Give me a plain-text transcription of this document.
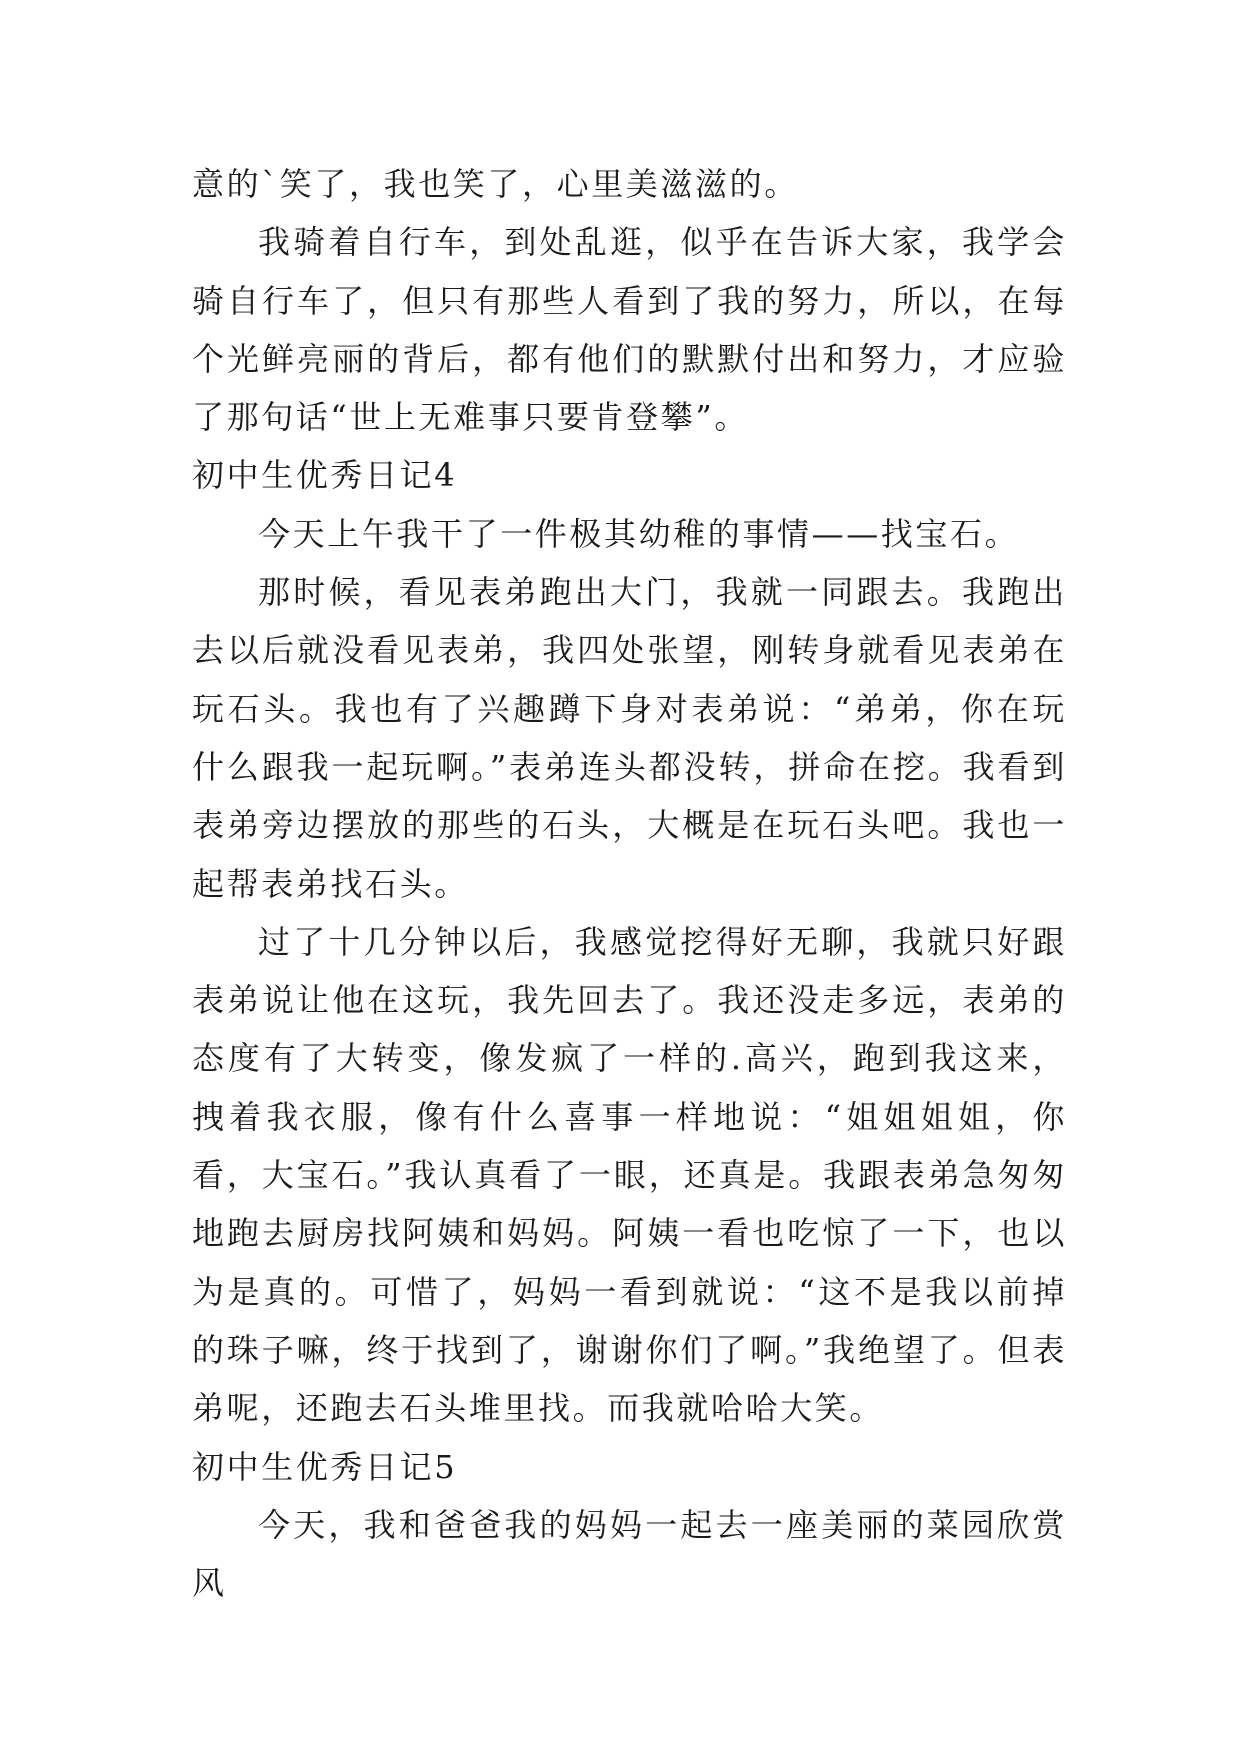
意的`笑了，我也笑了，心里美滋滋的。

我骑着自行车，到处乱逛，似乎在告诉大家，我学会骑自行车了，但只有那些人看到了我的努力，所以，在每个光鲜亮丽的背后，都有他们的默默付出和努力，才应验了那句话“世上无难事只要肯登攀”。

初中生优秀日记4

今天上午我干了一件极其幼稚的事情——找宝石。

那时候，看见表弟跑出大门，我就一同跟去。我跑出去以后就没看见表弟，我四处张望，刚转身就看见表弟在玩石头。我也有了兴趣蹲下身对表弟说：“弟弟，你在玩什么跟我一起玩啊。”表弟连头都没转，拼命在挖。我看到表弟旁边摆放的那些的石头，大概是在玩石头吧。我也一起帮表弟找石头。

过了十几分钟以后，我感觉挖得好无聊，我就只好跟表弟说让他在这玩，我先回去了。我还没走多远，表弟的态度有了大转变，像发疯了一样的.高兴，跑到我这来，拽着我衣服，像有什么喜事一样地说：“姐姐姐姐，你看，大宝石。”我认真看了一眼，还真是。我跟表弟急匆匆地跑去厨房找阿姨和妈妈。阿姨一看也吃惊了一下，也以为是真的。可惜了，妈妈一看到就说：“这不是我以前掉的珠子嘛，终于找到了，谢谢你们了啊。”我绝望了。但表弟呢，还跑去石头堆里找。而我就哈哈大笑。

初中生优秀日记5

今天，我和爸爸我的妈妈一起去一座美丽的菜园欣赏风
